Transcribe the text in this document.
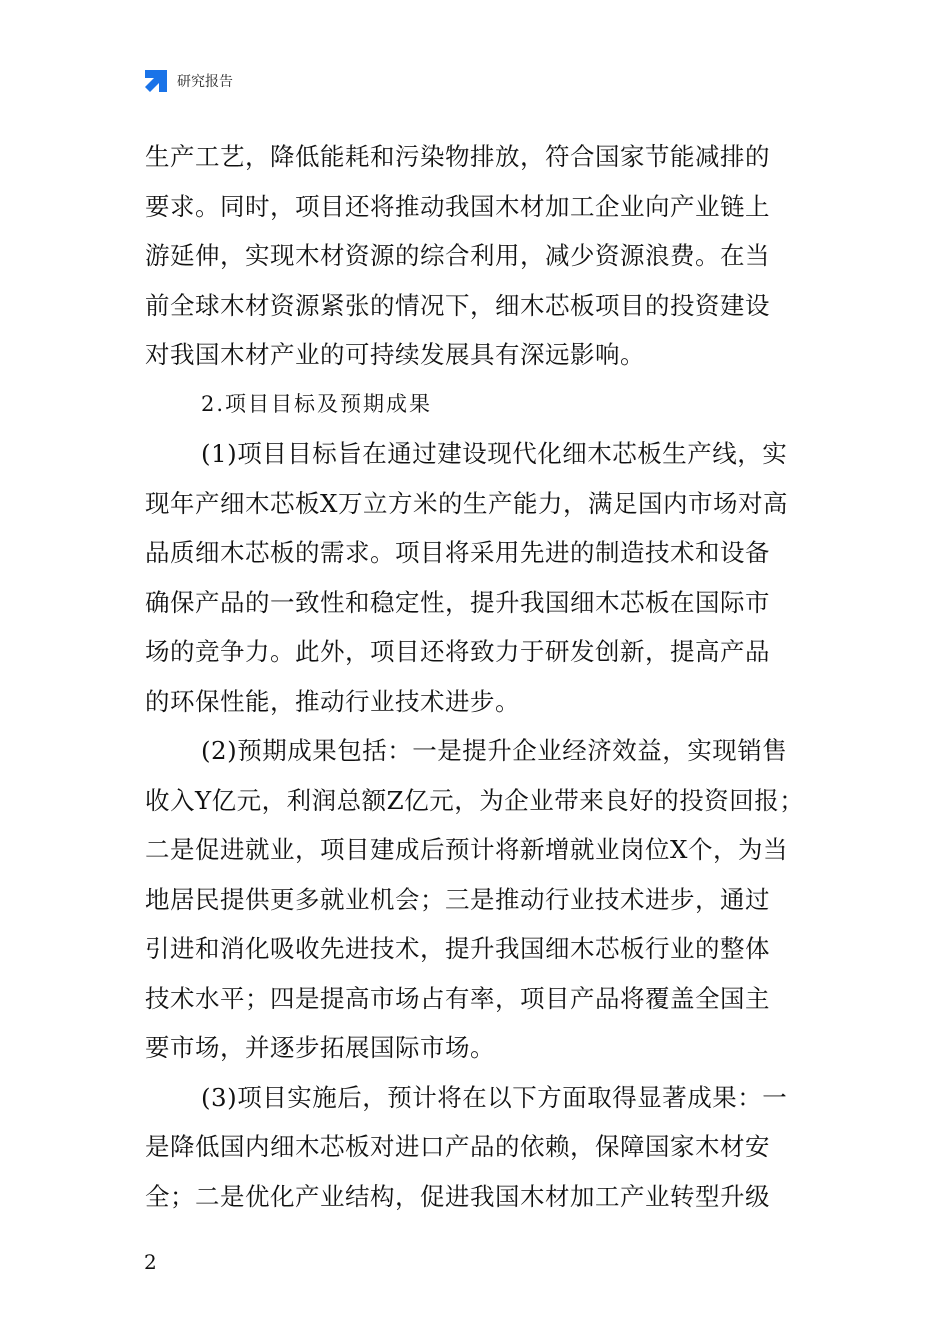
研究报告
生产工艺，降低能耗和污染物排放，符合国家节能减排的
要求。同时，项目还将推动我国木材加工企业向产业链上
游延伸，实现木材资源的综合利用，减少资源浪费。在当
前全球木材资源紧张的情况下，细木芯板项目的投资建设
对我国木材产业的可持续发展具有深远影响。
2.项目目标及预期成果
(1)项目目标旨在通过建设现代化细木芯板生产线，实
现年产细木芯板X万立方米的生产能力，满足国内市场对高
品质细木芯板的需求。项目将采用先进的制造技术和设备
确保产品的一致性和稳定性，提升我国细木芯板在国际市
场的竞争力。此外，项目还将致力于研发创新，提高产品
的环保性能，推动行业技术进步。
(2)预期成果包括：一是提升企业经济效益，实现销售
收入Y亿元，利润总额Z亿元，为企业带来良好的投资回报；
二是促进就业，项目建成后预计将新增就业岗位X个，为当
地居民提供更多就业机会；三是推动行业技术进步，通过
引进和消化吸收先进技术，提升我国细木芯板行业的整体
技术水平；四是提高市场占有率，项目产品将覆盖全国主
要市场，并逐步拓展国际市场。
(3)项目实施后，预计将在以下方面取得显著成果：一
是降低国内细木芯板对进口产品的依赖，保障国家木材安
全；二是优化产业结构，促进我国木材加工产业转型升级
2
